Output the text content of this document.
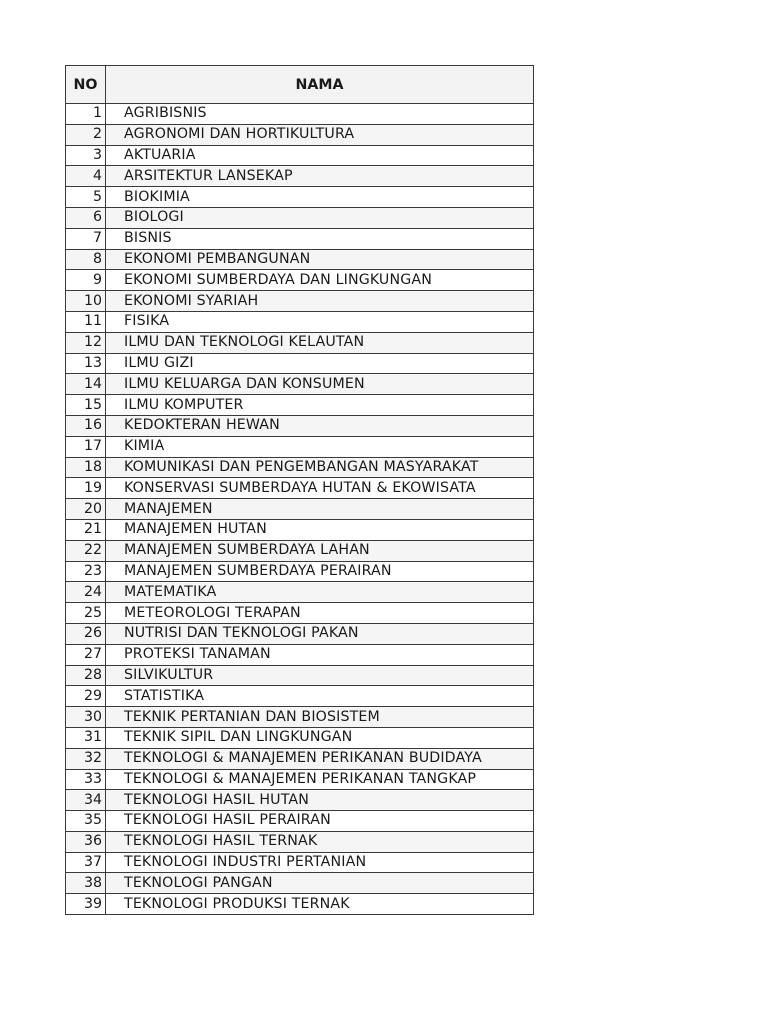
NO	NAMA
1	AGRIBISNIS
2	AGRONOMI DAN HORTIKULTURA
3	AKTUARIA
4	ARSITEKTUR LANSEKAP
5	BIOKIMIA
6	BIOLOGI
7	BISNIS
8	EKONOMI PEMBANGUNAN
9	EKONOMI SUMBERDAYA DAN LINGKUNGAN
10	EKONOMI SYARIAH
11	FISIKA
12	ILMU DAN TEKNOLOGI KELAUTAN
13	ILMU GIZI
14	ILMU KELUARGA DAN KONSUMEN
15	ILMU KOMPUTER
16	KEDOKTERAN HEWAN
17	KIMIA
18	KOMUNIKASI DAN PENGEMBANGAN MASYARAKAT
19	KONSERVASI SUMBERDAYA HUTAN & EKOWISATA
20	MANAJEMEN
21	MANAJEMEN HUTAN
22	MANAJEMEN SUMBERDAYA LAHAN
23	MANAJEMEN SUMBERDAYA PERAIRAN
24	MATEMATIKA
25	METEOROLOGI TERAPAN
26	NUTRISI DAN TEKNOLOGI PAKAN
27	PROTEKSI TANAMAN
28	SILVIKULTUR
29	STATISTIKA
30	TEKNIK PERTANIAN DAN BIOSISTEM
31	TEKNIK SIPIL DAN LINGKUNGAN
32	TEKNOLOGI & MANAJEMEN PERIKANAN BUDIDAYA
33	TEKNOLOGI & MANAJEMEN PERIKANAN TANGKAP
34	TEKNOLOGI HASIL HUTAN
35	TEKNOLOGI HASIL PERAIRAN
36	TEKNOLOGI HASIL TERNAK
37	TEKNOLOGI INDUSTRI PERTANIAN
38	TEKNOLOGI PANGAN
39	TEKNOLOGI PRODUKSI TERNAK
